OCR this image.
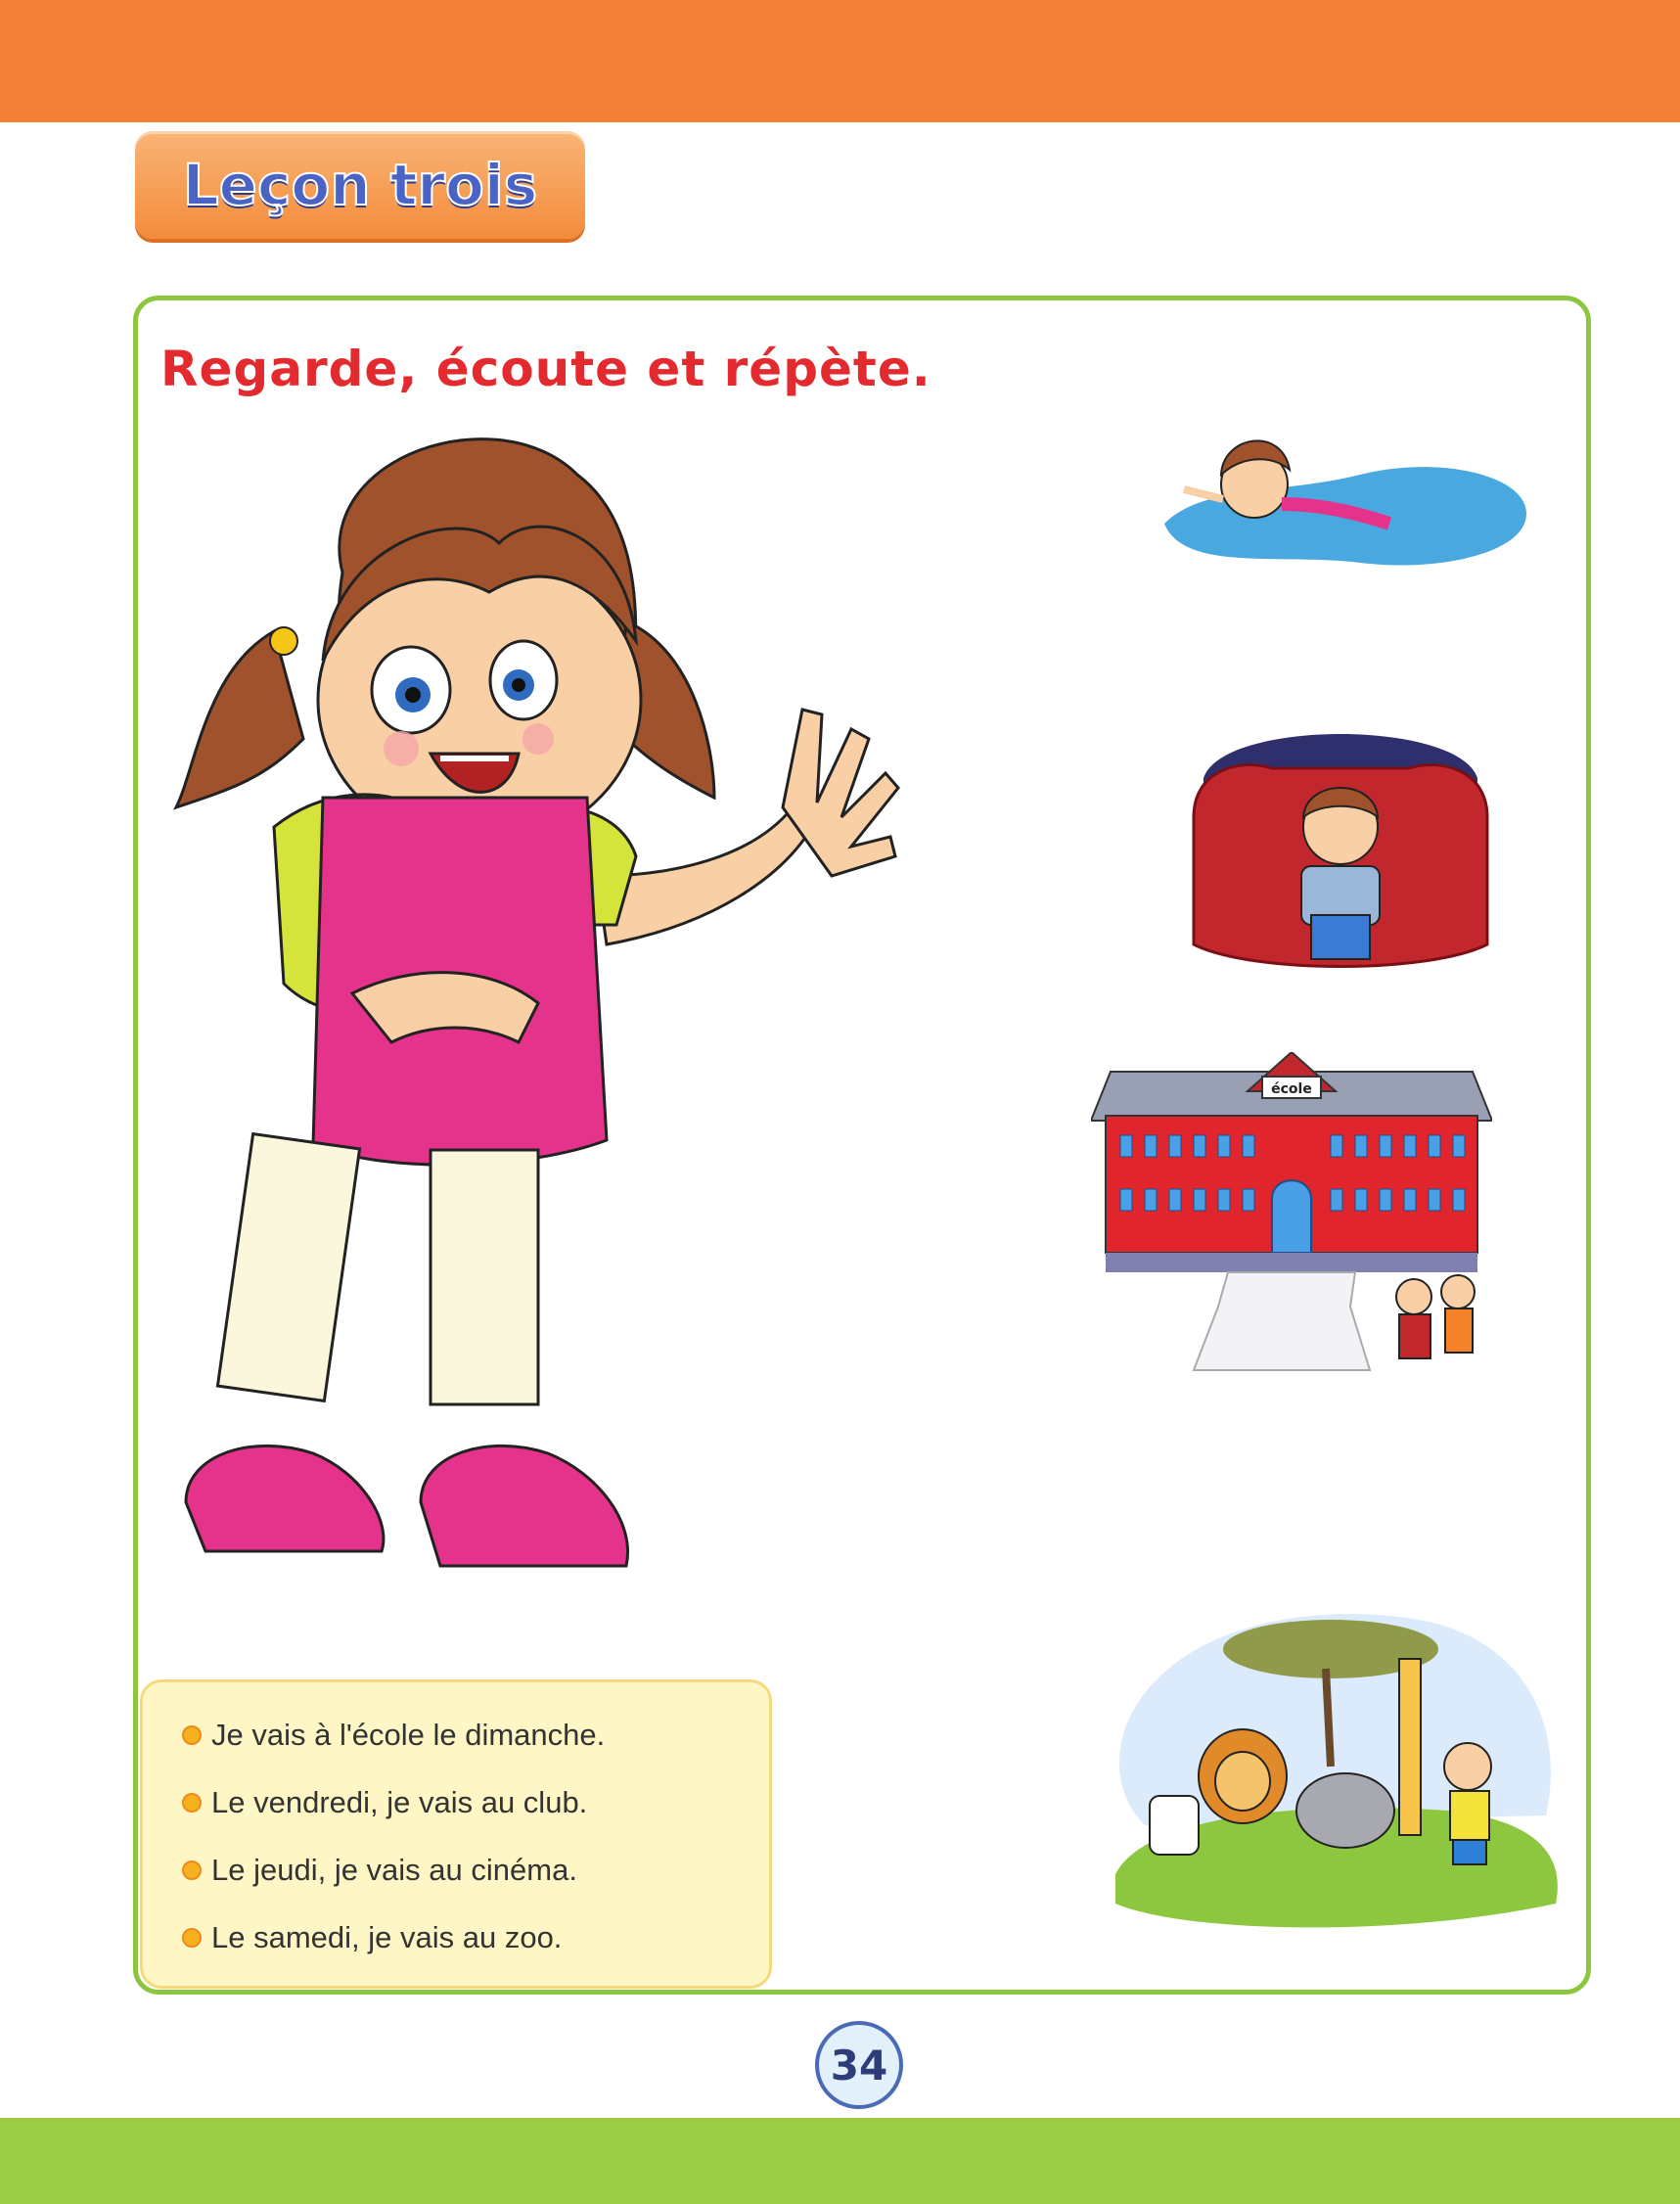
Leçon trois
Regarde, écoute et répète.
école
Je vais à l'école le dimanche.
Le vendredi, je vais au club.
Le jeudi, je vais au cinéma.
Le samedi, je vais au zoo.
34
